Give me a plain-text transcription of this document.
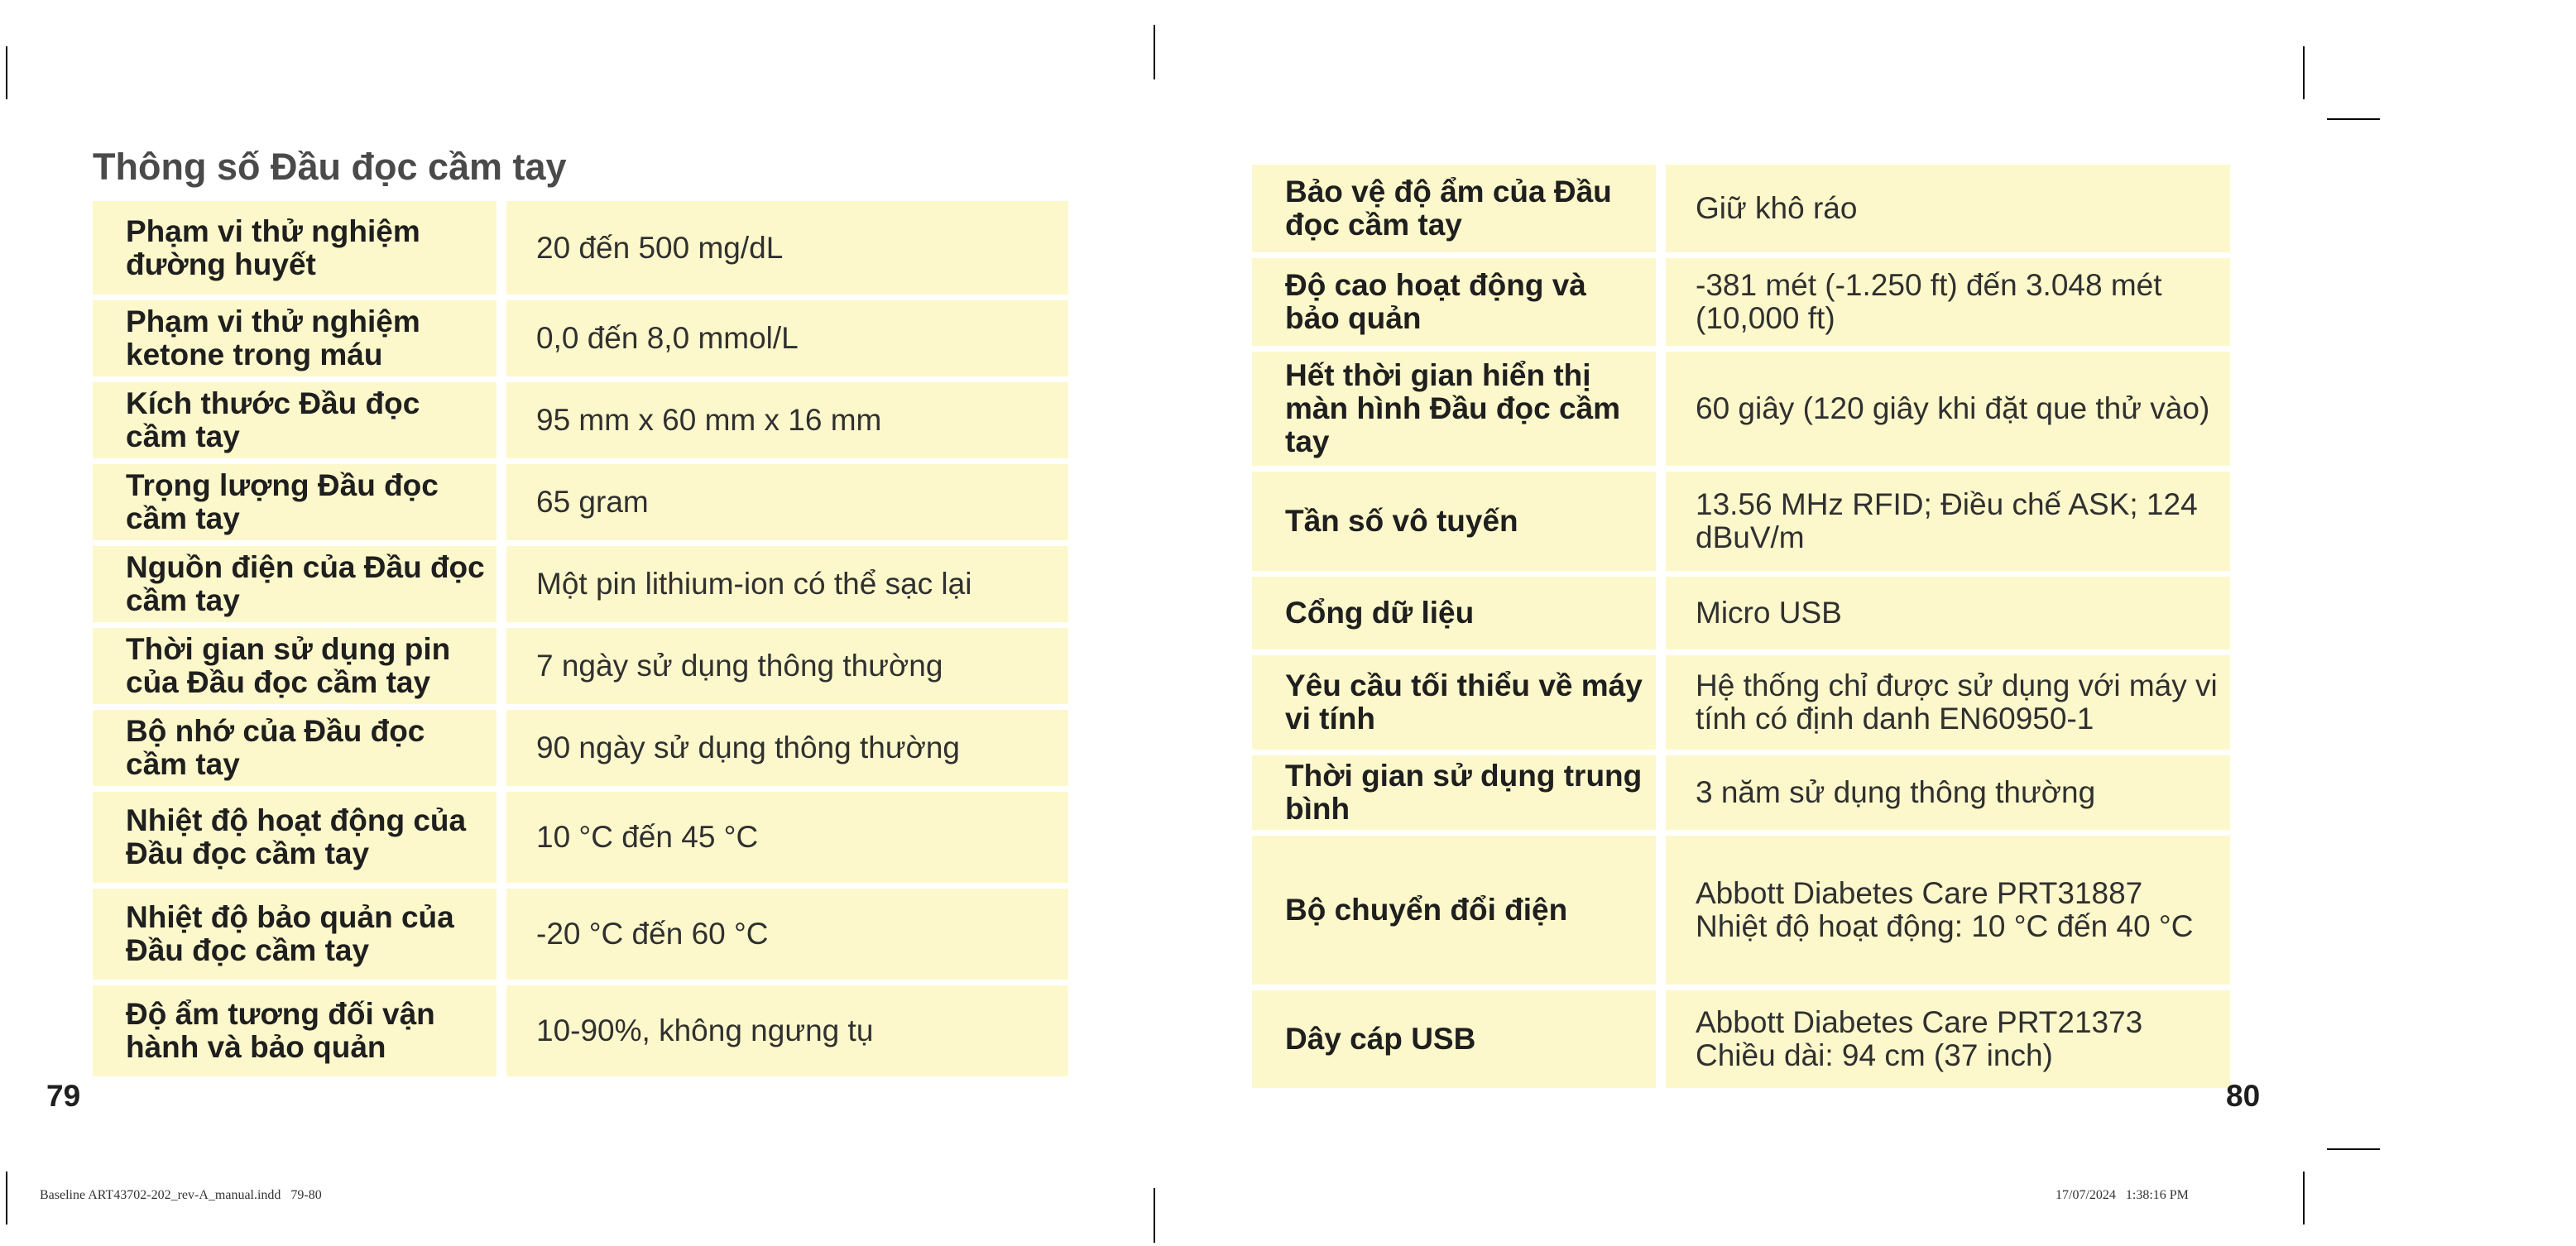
Thông số Đầu đọc cầm tay
Phạm vi thử nghiệm đường huyết	20 đến 500 mg/dL
Phạm vi thử nghiệm ketone trong máu	0,0 đến 8,0 mmol/L
Kích thước Đầu đọc cầm tay	95 mm x 60 mm x 16 mm
Trọng lượng Đầu đọc cầm tay	65 gram
Nguồn điện của Đầu đọc cầm tay	Một pin lithium-ion có thể sạc lại
Thời gian sử dụng pin của Đầu đọc cầm tay	7 ngày sử dụng thông thường
Bộ nhớ của Đầu đọc cầm tay	90 ngày sử dụng thông thường
Nhiệt độ hoạt động của Đầu đọc cầm tay	10 °C đến 45 °C
Nhiệt độ bảo quản của Đầu đọc cầm tay	-20 °C đến 60 °C
Độ ẩm tương đối vận hành và bảo quản	10-90%, không ngưng tụ
79
Bảo vệ độ ẩm của Đầu đọc cầm tay	Giữ khô ráo
Độ cao hoạt động và bảo quản	-381 mét (-1.250 ft) đến 3.048 mét (10,000 ft)
Hết thời gian hiển thị màn hình Đầu đọc cầm tay	60 giây (120 giây khi đặt que thử vào)
Tần số vô tuyến	13.56 MHz RFID; Điều chế ASK; 124 dBuV/m
Cổng dữ liệu	Micro USB
Yêu cầu tối thiểu về máy vi tính	Hệ thống chỉ được sử dụng với máy vi tính có định danh EN60950-1
Thời gian sử dụng trung bình	3 năm sử dụng thông thường
Bộ chuyển đổi điện	Abbott Diabetes Care PRT31887 Nhiệt độ hoạt động: 10 °C đến 40 °C
Dây cáp USB	Abbott Diabetes Care PRT21373 Chiều dài: 94 cm (37 inch)
80
Baseline ART43702-202_rev-A_manual.indd   79-80	17/07/2024   1:38:16 PM
